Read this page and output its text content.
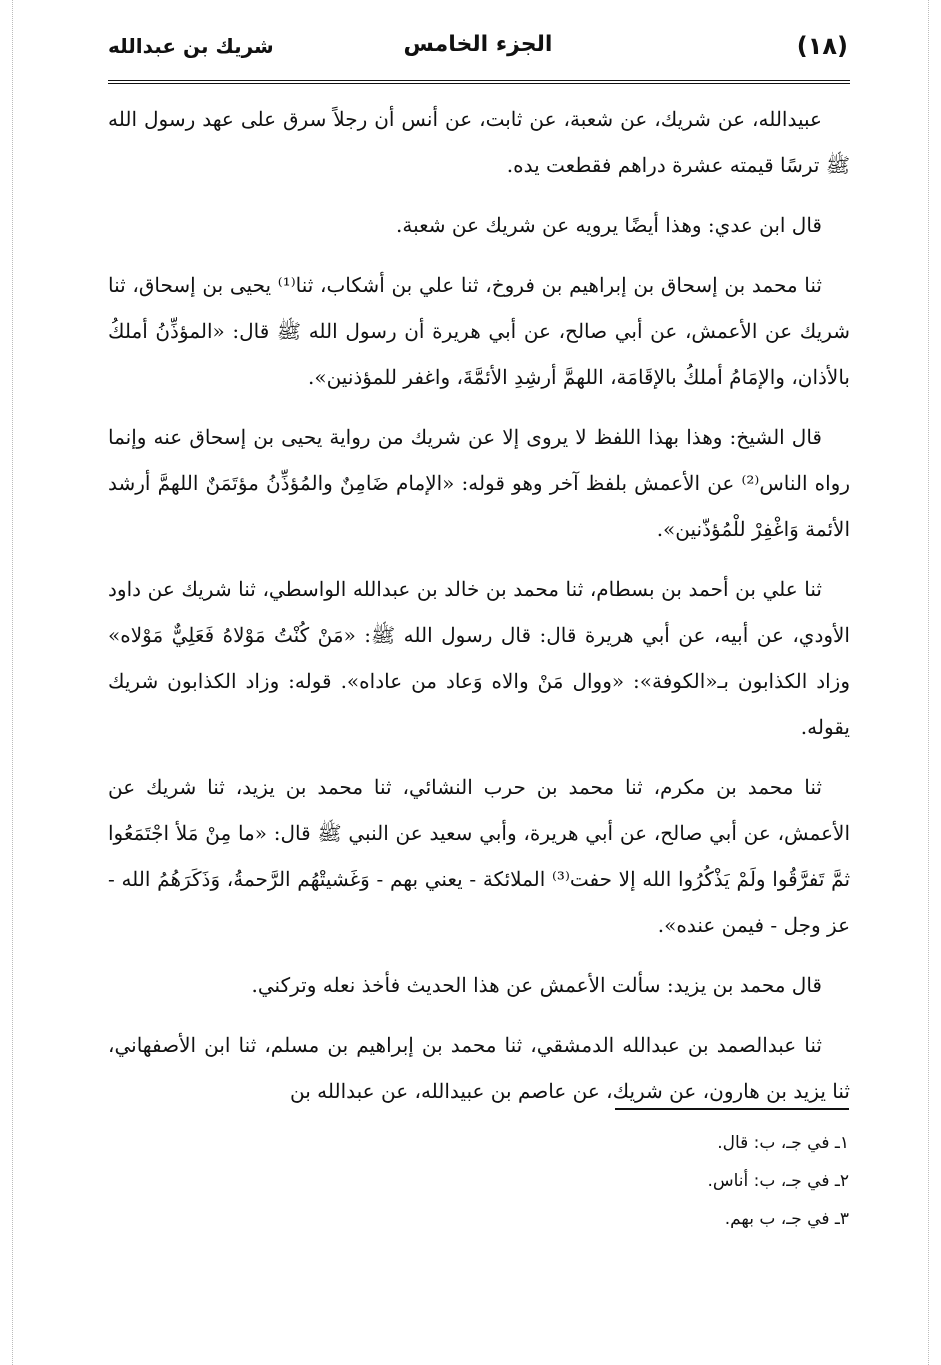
(١٨)
الجزء الخامس
شريك بن عبدالله

عبيدالله، عن شريك، عن شعبة، عن ثابت، عن أنس أن رجلاً سرق على عهد رسول الله ﷺ ترسًا قيمته عشرة دراهم فقطعت يده.

قال ابن عدي: وهذا أيضًا يرويه عن شريك عن شعبة.

ثنا محمد بن إسحاق بن إبراهيم بن فروخ، ثنا علي بن أشكاب، ثنا⁽¹⁾ يحيى بن إسحاق، ثنا شريك عن الأعمش، عن أبي صالح، عن أبي هريرة أن رسول الله ﷺ قال: «المؤذِّنُ أملكُ بالأذان، والإمَامُ أملكُ بالإقَامَة، اللهمَّ أرشِدِ الأئمَّةَ، واغفر للمؤذنين».

قال الشيخ: وهذا بهذا اللفظ لا يروى إلا عن شريك من رواية يحيى بن إسحاق عنه وإنما رواه الناس⁽²⁾ عن الأعمش بلفظ آخر وهو قوله: «الإمام ضَامِنٌ والمُؤذِّنُ مؤتَمَنٌ اللهمَّ أرشد الأئمة وَاغْفِرْ للْمُؤذّنين».

ثنا علي بن أحمد بن بسطام، ثنا محمد بن خالد بن عبدالله الواسطي، ثنا شريك عن داود الأودي، عن أبيه، عن أبي هريرة قال: قال رسول الله ﷺ: «مَنْ كُنْتُ مَوْلاهُ فَعَلِيٌّ مَوْلاه» وزاد الكذابون بـ«الكوفة»: «ووال مَنْ والاه وَعاد من عاداه». قوله: وزاد الكذابون شريك يقوله.

ثنا محمد بن مكرم، ثنا محمد بن حرب النشائي، ثنا محمد بن يزيد، ثنا شريك عن الأعمش، عن أبي صالح، عن أبي هريرة، وأبي سعيد عن النبي ﷺ قال: «ما مِنْ مَلأ اجْتَمَعُوا ثمَّ تَفرَّقُوا ولَمْ يَذْكُرُوا الله إلا حفت⁽³⁾ الملائكة - يعني بهم - وَغَشيتْهُم الرَّحمةُ، وَذَكَرَهُمُ الله - عز وجل - فيمن عنده».

قال محمد بن يزيد: سألت الأعمش عن هذا الحديث فأخذ نعله وتركني.

ثنا عبدالصمد بن عبدالله الدمشقي، ثنا محمد بن إبراهيم بن مسلم، ثنا ابن الأصفهاني، ثنا يزيد بن هارون، عن شريك، عن عاصم بن عبيدالله، عن عبدالله بن

١ـ في جـ، ب: قال.
٢ـ في جـ، ب: أناس.
٣ـ في جـ، ب بهم.
